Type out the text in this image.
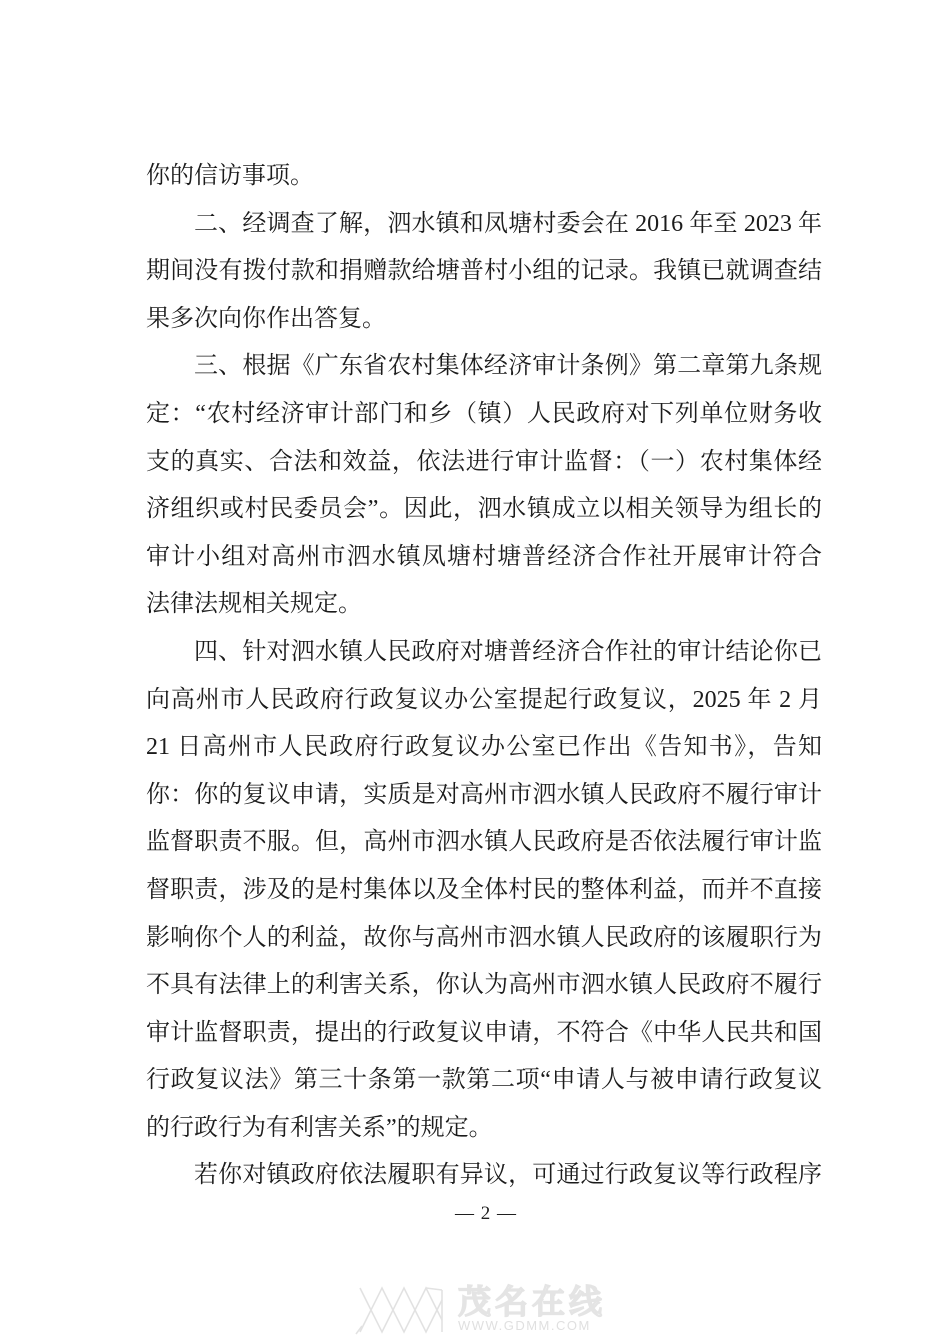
你的信访事项。
二、经调查了解，泗水镇和凤塘村委会在 2016 年至 2023 年
期间没有拨付款和捐赠款给塘普村小组的记录。我镇已就调查结
果多次向你作出答复。
三、根据《广东省农村集体经济审计条例》第二章第九条规
定：“农村经济审计部门和乡（镇）人民政府对下列单位财务收
支的真实、合法和效益，依法进行审计监督：（一）农村集体经
济组织或村民委员会”。因此，泗水镇成立以相关领导为组长的
审计小组对高州市泗水镇凤塘村塘普经济合作社开展审计符合
法律法规相关规定。
四、针对泗水镇人民政府对塘普经济合作社的审计结论你已
向高州市人民政府行政复议办公室提起行政复议，2025 年 2 月
21 日高州市人民政府行政复议办公室已作出《告知书》，告知
你：你的复议申请，实质是对高州市泗水镇人民政府不履行审计
监督职责不服。但，高州市泗水镇人民政府是否依法履行审计监
督职责，涉及的是村集体以及全体村民的整体利益，而并不直接
影响你个人的利益，故你与高州市泗水镇人民政府的该履职行为
不具有法律上的利害关系，你认为高州市泗水镇人民政府不履行
审计监督职责，提出的行政复议申请，不符合《中华人民共和国
行政复议法》第三十条第一款第二项“申请人与被申请行政复议
的行政行为有利害关系”的规定。
若你对镇政府依法履职有异议，可通过行政复议等行政程序
— 2 —
茂名在线
WWW.GDMM.COM
